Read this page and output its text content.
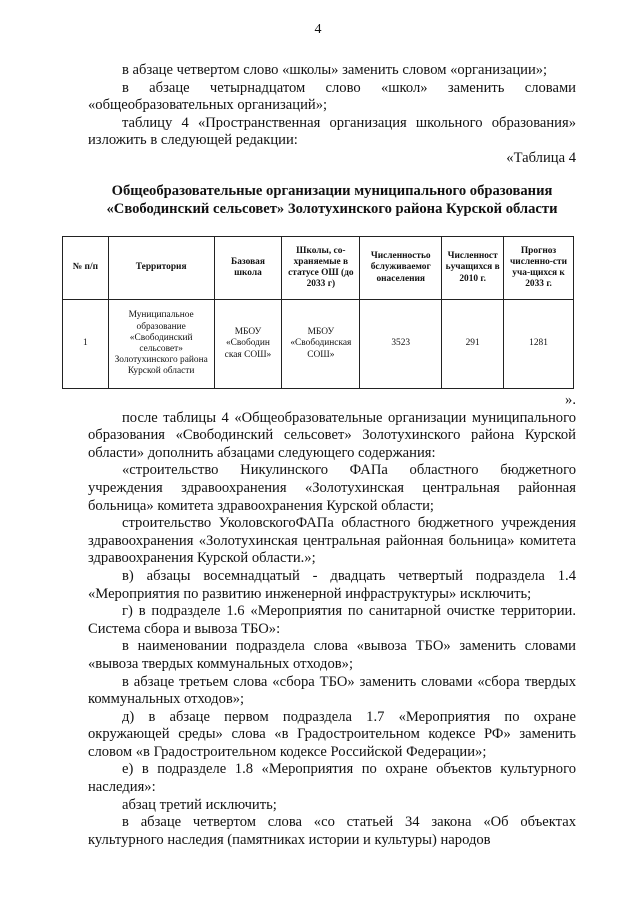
4

в абзаце четвертом слово «школы» заменить словом «организации»;

в абзаце четырнадцатом слово «школ» заменить словами «общеобразовательных организаций»;

таблицу 4 «Пространственная организация школьного образования» изложить в следующей редакции:

«Таблица 4

Общеобразовательные организации муниципального образования

«Свободинский сельсовет» Золотухинского района Курской области

№ п/п	Территория	Базовая школа	Школы, со-храняемые в статусе ОШ (до 2033 г)	Численностьо бслуживаемог онаселения	Численност ьучащихся в 2010 г.	Прогноз численно-сти уча-щихся к 2033 г.
1	Муниципальное образование «Свободинский сельсовет» Золотухинского района Курской области	МБОУ «Свободин ская СОШ»	МБОУ «Свободинская СОШ»	3523	291	1281

».

после таблицы 4 «Общеобразовательные организации муниципального образования «Свободинский сельсовет» Золотухинского района Курской области» дополнить абзацами следующего содержания:

«строительство Никулинского ФАПа областного бюджетного учреждения здравоохранения «Золотухинская центральная районная больница» комитета здравоохранения Курской области;

строительство УколовскогоФАПа областного бюджетного учреждения здравоохранения «Золотухинская центральная районная больница» комитета здравоохранения Курской области.»;

в) абзацы восемнадцатый - двадцать четвертый подраздела 1.4 «Мероприятия по развитию инженерной инфраструктуры» исключить;

г) в подразделе 1.6 «Мероприятия по санитарной очистке территории. Система сбора и вывоза ТБО»:

в наименовании подраздела слова «вывоза ТБО» заменить словами «вывоза твердых коммунальных отходов»;

в абзаце третьем слова «сбора ТБО» заменить словами «сбора твердых коммунальных отходов»;

д) в абзаце первом подраздела 1.7 «Мероприятия по охране окружающей среды» слова «в Градостроительном кодексе РФ» заменить словом «в Градостроительном кодексе Российской Федерации»;

е) в подразделе 1.8 «Мероприятия по охране объектов культурного наследия»:

абзац третий исключить;

в абзаце четвертом слова «со статьей 34 закона «Об объектах культурного наследия (памятниках истории и культуры) народов
